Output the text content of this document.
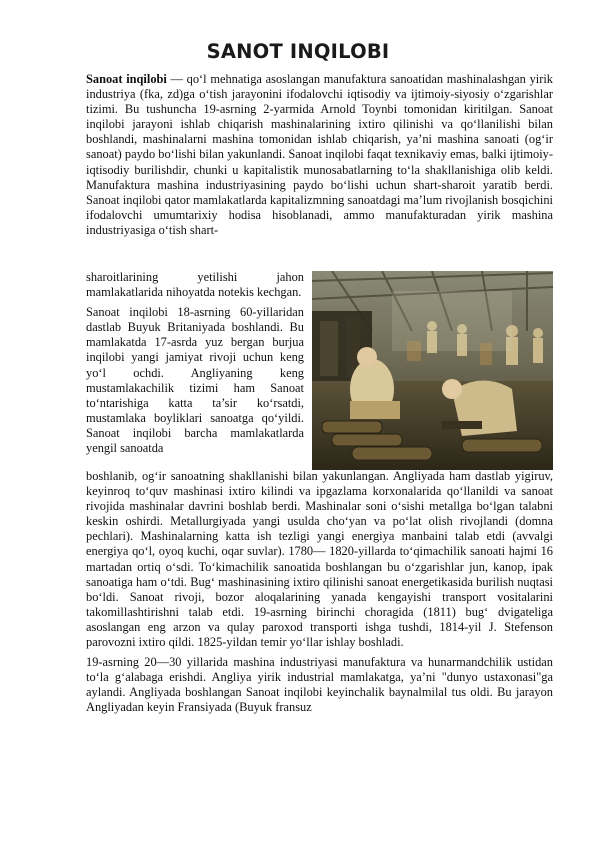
SANOT INQILOBI
Sanoat inqilobi — qo‘l mehnatiga asoslangan manufaktura sanoatidan mashinalashgan yirik industriya (fka, zd)ga o‘tish jarayonini ifodalovchi iqtisodiy va ijtimoiy-siyosiy o‘zgarishlar tizimi. Bu tushuncha 19-asrning 2-yarmida Arnold Toynbi tomonidan kiritilgan. Sanoat inqilobi jarayoni ishlab chiqarish mashinalarining ixtiro qilinishi va qo‘llanilishi bilan boshlandi, mashinalarni mashina tomonidan ishlab chiqarish, ya’ni mashina sanoati (og‘ir sanoat) paydo bo‘lishi bilan yakunlandi. Sanoat inqilobi faqat texnikaviy emas, balki ijtimoiy-iqtisodiy burilishdir, chunki u kapitalistik munosabatlarning to‘la shakllanishiga olib keldi. Manufaktura mashina industriyasining paydo bo‘lishi uchun shart-sharoit yaratib berdi. Sanoat inqilobi qator mamlakatlarda kapitalizmning sanoatdagi ma’lum rivojlanish bosqichini ifodalovchi umumtarixiy hodisa hisoblanadi, ammo manufakturadan yirik mashina industriyasiga o‘tish shart-

sharoitlarining yetilishi jahon mamlakatlarida nihoyatda notekis kechgan.

Sanoat inqilobi 18-asrning 60-yillaridan dastlab Buyuk Britaniyada boshlandi. Bu mamlakatda 17-asrda yuz bergan burjua inqilobi yangi jamiyat rivoji uchun keng yo‘l ochdi. Angliyaning keng mustamlakachilik tizimi ham Sanoat to‘ntarishiga katta ta’sir ko‘rsatdi, mustamlaka boyliklari sanoatga qo‘yildi. Sanoat inqilobi barcha mamlakatlarda yengil sanoatda

boshlanib, og‘ir sanoatning shakllanishi bilan yakunlangan. Angliyada ham dastlab yigiruv, keyinroq to‘quv mashinasi ixtiro kilindi va ipgazlama korxonalarida qo‘llanildi va sanoat rivojida mashinalar davrini boshlab berdi. Mashinalar soni o‘sishi metallga bo‘lgan talabni keskin oshirdi. Metallurgiyada yangi usulda cho‘yan va po‘lat olish rivojlandi (domna pechlari). Mashinalarning katta ish tezligi yangi energiya manbaini talab etdi (avvalgi energiya qo‘l, oyoq kuchi, oqar suvlar). 1780— 1820-yillarda to‘qimachilik sanoati hajmi 16 martadan ortiq o‘sdi. To‘kimachilik sanoatida boshlangan bu o‘zgarishlar jun, kanop, ipak sanoatiga ham o‘tdi. Bug‘ mashinasining ixtiro qilinishi sanoat energetikasida burilish nuqtasi bo‘ldi. Sanoat rivoji, bozor aloqalarining yanada kengayishi transport vositalarini takomillashtirishni talab etdi. 19-asrning birinchi choragida (1811) bug‘ dvigateliga asoslangan eng arzon va qulay paroxod transporti ishga tushdi, 1814-yil J. Stefenson parovozni ixtiro qildi. 1825-yildan temir yo‘llar ishlay boshladi.

19-asrning 20—30 yillarida mashina industriyasi manufaktura va hunarmandchilik ustidan to‘la g‘alabaga erishdi. Angliya yirik industrial mamlakatga, ya’ni "dunyo ustaxonasi"ga aylandi. Angliyada boshlangan Sanoat inqilobi keyinchalik baynalmilal tus oldi. Bu jarayon Angliyadan keyin Fransiyada (Buyuk fransuz
